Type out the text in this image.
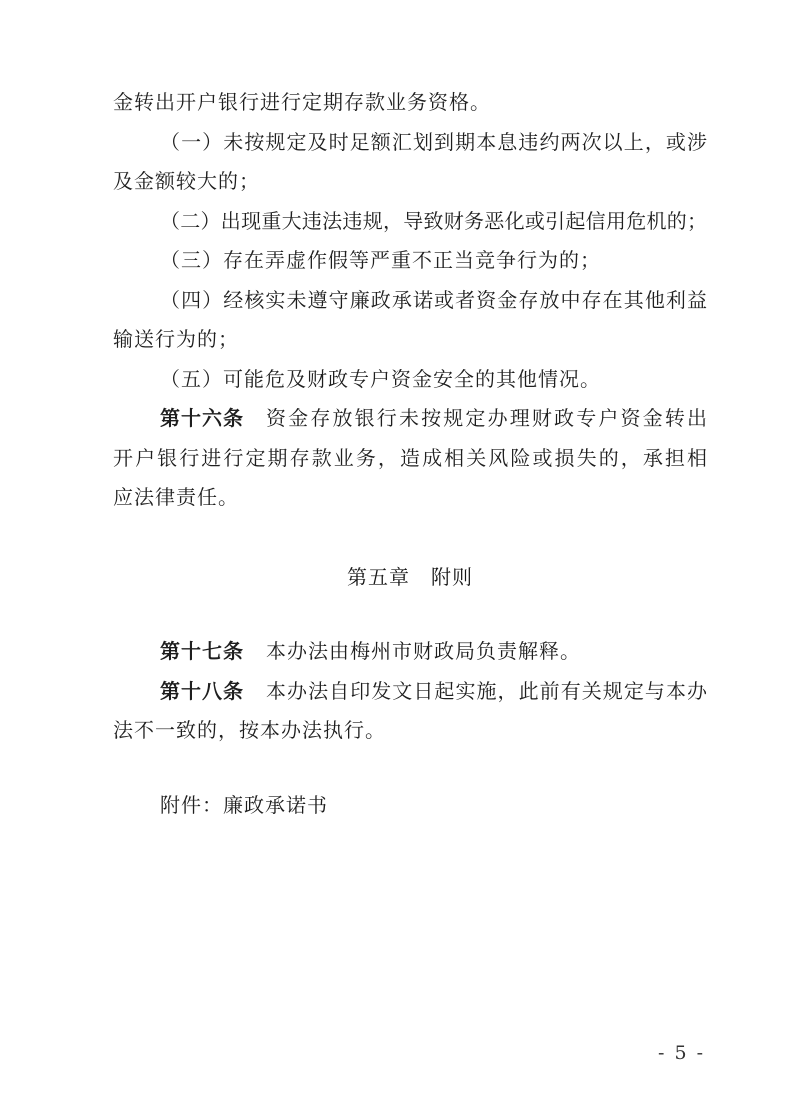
金转出开户银行进行定期存款业务资格。
（一）未按规定及时足额汇划到期本息违约两次以上，或涉
及金额较大的；
（二）出现重大违法违规，导致财务恶化或引起信用危机的；
（三）存在弄虚作假等严重不正当竞争行为的；
（四）经核实未遵守廉政承诺或者资金存放中存在其他利益
输送行为的；
（五）可能危及财政专户资金安全的其他情况。
第十六条 资金存放银行未按规定办理财政专户资金转出
开户银行进行定期存款业务，造成相关风险或损失的，承担相
应法律责任。
第五章　附则
第十七条 本办法由梅州市财政局负责解释。
第十八条 本办法自印发文日起实施，此前有关规定与本办
法不一致的，按本办法执行。
附件：廉政承诺书
- 5 -
